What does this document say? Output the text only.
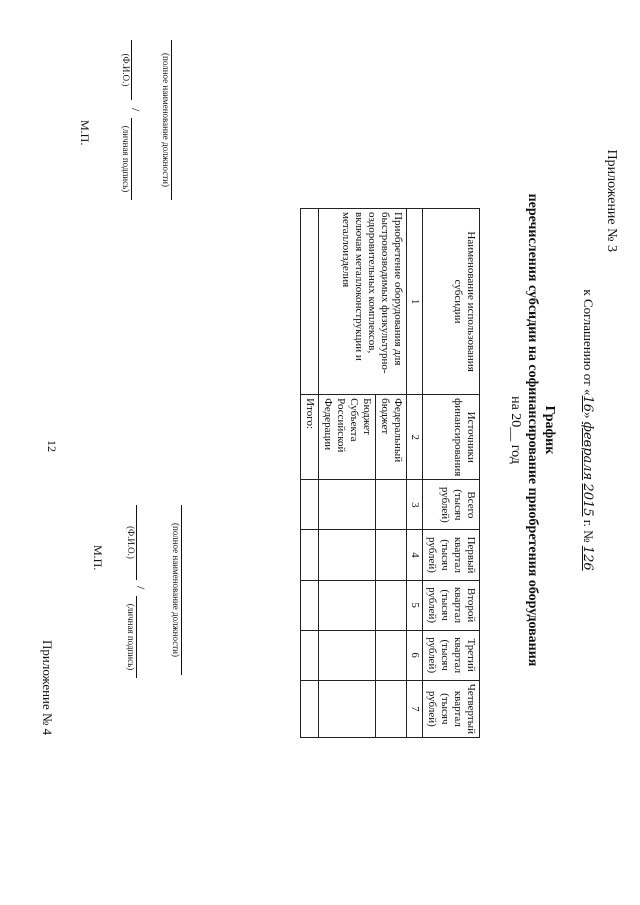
12
Приложение № 3
к Соглашению от «16» февраля 2015 г. № 126
График
перечисления субсидии на софинансирование приобретения оборудования
на 20__ год
Наименование использования субсидии	Источники финансирования	Всего (тысяч рублей)	Первый квартал (тысяч рублей)	Второй квартал (тысяч рублей)	Третий квартал (тысяч рублей)	Четвертый квартал (тысяч рублей)
1	2	3	4	5	6	7
Приобретение оборудования для быстровозводимых физкультурно-оздоровительных комплексов, включая металлоконструкции и металлоизделия	Федеральный бюджет					
	Бюджет Субъекта Российской Федерации					
	Итого:					
(полное наименование должности)
(Ф.И.О.)
/
(личная подпись)
М.П.
(полное наименование должности)
(Ф.И.О.)
/
(личная подпись)
М.П.
Приложение № 4
